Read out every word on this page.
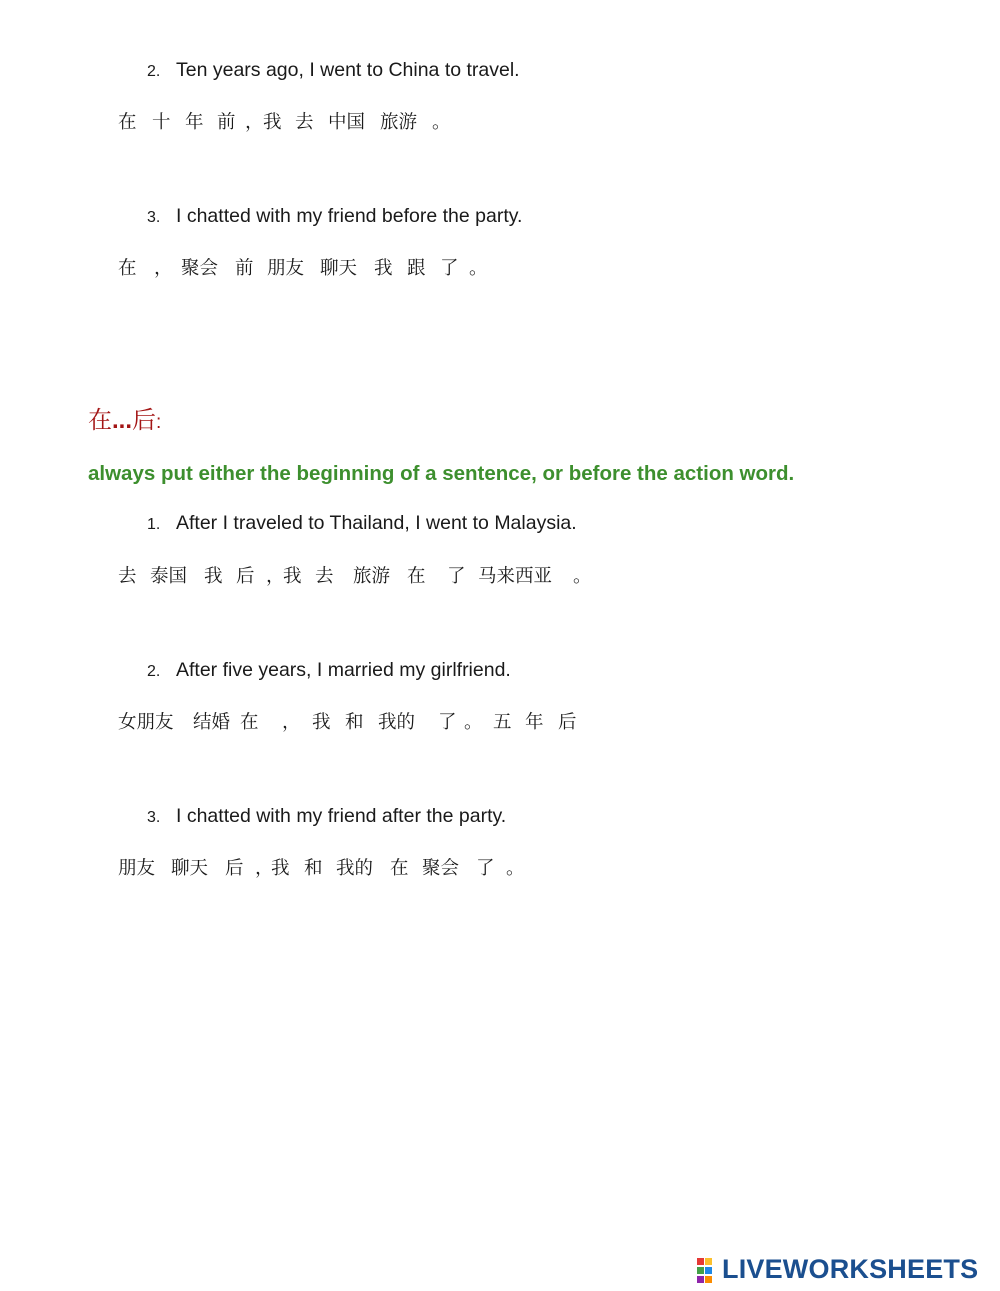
2. Ten years ago, I went to China to travel.
在 十 年 前 ， 我 去 中国 旅游 。
3. I chatted with my friend before the party.
在 ， 聚会 前 朋友 聊天 我 跟 了 。
在...后:
always put either the beginning of a sentence, or before the action word.
1. After I traveled to Thailand, I went to Malaysia.
去 泰国 我 后 ，
我 去 旅游 在 了 马来西亚 。
2. After five years, I married my girlfriend.
女朋友 结婚 在 ， 我 和 我的 了 。 五 年 后
3. I chatted with my friend after the party.
朋友 聊天 后 ，
我 和 我的 在 聚会 了 。
LIVEWORKSHEETS
